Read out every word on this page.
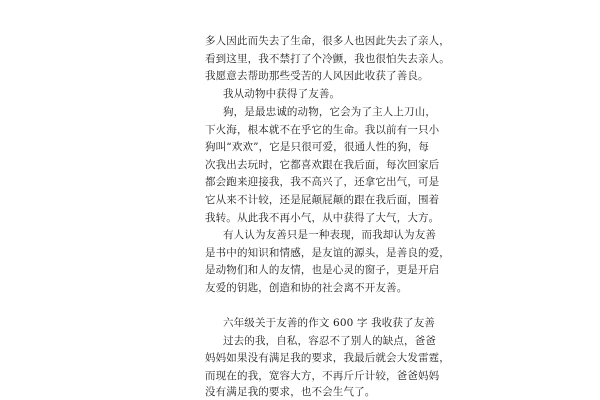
多人因此而失去了生命，很多人也因此失去了亲人，
看到这里，我不禁打了个冷颤，我也很怕失去亲人。
我愿意去帮助那些受苦的人风因此收获了善良。
我从动物中获得了友善。
狗，是最忠诚的动物，它会为了主人上刀山，
下火海，根本就不在乎它的生命。我以前有一只小
狗叫“欢欢”，它是只很可爱，很通人性的狗，每
次我出去玩时，它都喜欢跟在我后面，每次回家后
都会跑来迎接我，我不高兴了，还拿它出气，可是
它从来不计较，还是屁颠屁颠的跟在我后面，围着
我转。从此我不再小气，从中获得了大气，大方。
有人认为友善只是一种表现，而我却认为友善
是书中的知识和情感，是友谊的源头，是善良的爱，
是动物们和人的友情，也是心灵的窗子，更是开启
友爱的钥匙，创造和协的社会离不开友善。
六年级关于友善的作文 600 字 我收获了友善
过去的我，自私，容忍不了别人的缺点，爸爸
妈妈如果没有满足我的要求，我最后就会大发雷霆，
而现在的我，宽容大方，不再斤斤计较，爸爸妈妈
没有满足我的要求，也不会生气了。
